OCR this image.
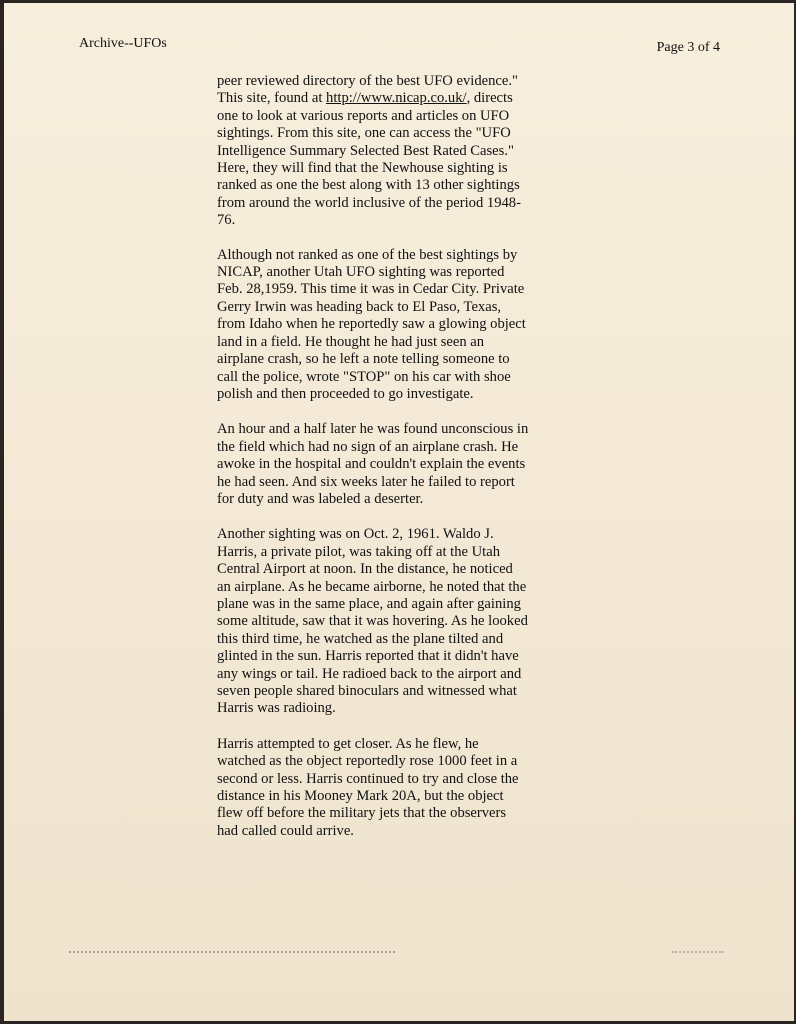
Archive--UFOs	Page 3 of 4

peer reviewed directory of the best UFO evidence." This site, found at http://www.nicap.co.uk/, directs one to look at various reports and articles on UFO sightings. From this site, one can access the "UFO Intelligence Summary Selected Best Rated Cases." Here, they will find that the Newhouse sighting is ranked as one the best along with 13 other sightings from around the world inclusive of the period 1948-76.

Although not ranked as one of the best sightings by NICAP, another Utah UFO sighting was reported Feb. 28,1959. This time it was in Cedar City. Private Gerry Irwin was heading back to El Paso, Texas, from Idaho when he reportedly saw a glowing object land in a field. He thought he had just seen an airplane crash, so he left a note telling someone to call the police, wrote "STOP" on his car with shoe polish and then proceeded to go investigate.

An hour and a half later he was found unconscious in the field which had no sign of an airplane crash. He awoke in the hospital and couldn't explain the events he had seen. And six weeks later he failed to report for duty and was labeled a deserter.

Another sighting was on Oct. 2, 1961. Waldo J. Harris, a private pilot, was taking off at the Utah Central Airport at noon. In the distance, he noticed an airplane. As he became airborne, he noted that the plane was in the same place, and again after gaining some altitude, saw that it was hovering. As he looked this third time, he watched as the plane tilted and glinted in the sun. Harris reported that it didn't have any wings or tail. He radioed back to the airport and seven people shared binoculars and witnessed what Harris was radioing.

Harris attempted to get closer. As he flew, he watched as the object reportedly rose 1000 feet in a second or less. Harris continued to try and close the distance in his Mooney Mark 20A, but the object flew off before the military jets that the observers had called could arrive.
